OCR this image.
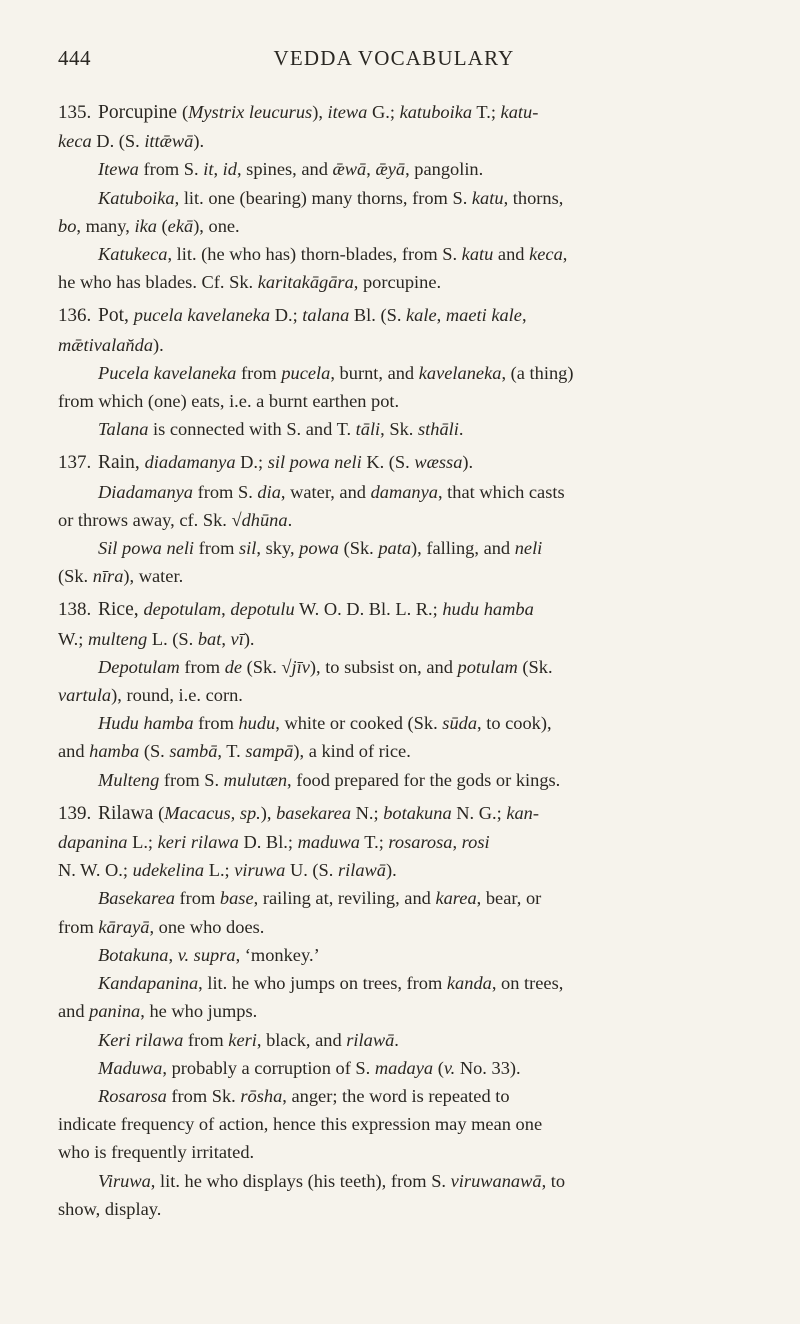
444	VEDDA VOCABULARY

135. Porcupine (Mystrix leucurus), itewa G.; katuboika T.; katu-
keca D. (S. ittǣwā).

Itewa from S. it, id, spines, and ǣwā, ǣyā, pangolin.

Katuboika, lit. one (bearing) many thorns, from S. katu, thorns,
bo, many, ika (ekā), one.

Katukeca, lit. (he who has) thorn-blades, from S. katu and keca,
he who has blades. Cf. Sk. karitakāgāra, porcupine.

136. Pot, pucela kavelaneka D.; talana Bl. (S. kale, maeti kale,
mǣtivalan̆da).

Pucela kavelaneka from pucela, burnt, and kavelaneka, (a thing)
from which (one) eats, i.e. a burnt earthen pot.

Talana is connected with S. and T. tāli, Sk. sthāli.

137. Rain, diadamanya D.; sil powa neli K. (S. wæssa).

Diadamanya from S. dia, water, and damanya, that which casts
or throws away, cf. Sk. √dhūna.

Sil powa neli from sil, sky, powa (Sk. pata), falling, and neli
(Sk. nīra), water.

138. Rice, depotulam, depotulu W. O. D. Bl. L. R.; hudu hamba
W.; multeng L. (S. bat, vī).

Depotulam from de (Sk. √jīv), to subsist on, and potulam (Sk.
vartula), round, i.e. corn.

Hudu hamba from hudu, white or cooked (Sk. sūda, to cook),
and hamba (S. sambā, T. sampā), a kind of rice.

Multeng from S. mulutæn, food prepared for the gods or kings.

139. Rilawa (Macacus, sp.), basekarea N.; botakuna N. G.; kan-
dapanina L.; keri rilawa D. Bl.; maduwa T.; rosarosa, rosi
N. W. O.; udekelina L.; viruwa U. (S. rilawā).

Basekarea from base, railing at, reviling, and karea, bear, or
from kārayā, one who does.

Botakuna, v. supra, ‘monkey.’

Kandapanina, lit. he who jumps on trees, from kanda, on trees,
and panina, he who jumps.

Keri rilawa from keri, black, and rilawā.

Maduwa, probably a corruption of S. madaya (v. No. 33).

Rosarosa from Sk. rōsha, anger; the word is repeated to
indicate frequency of action, hence this expression may mean one
who is frequently irritated.

Viruwa, lit. he who displays (his teeth), from S. viruwanawā, to
show, display.
